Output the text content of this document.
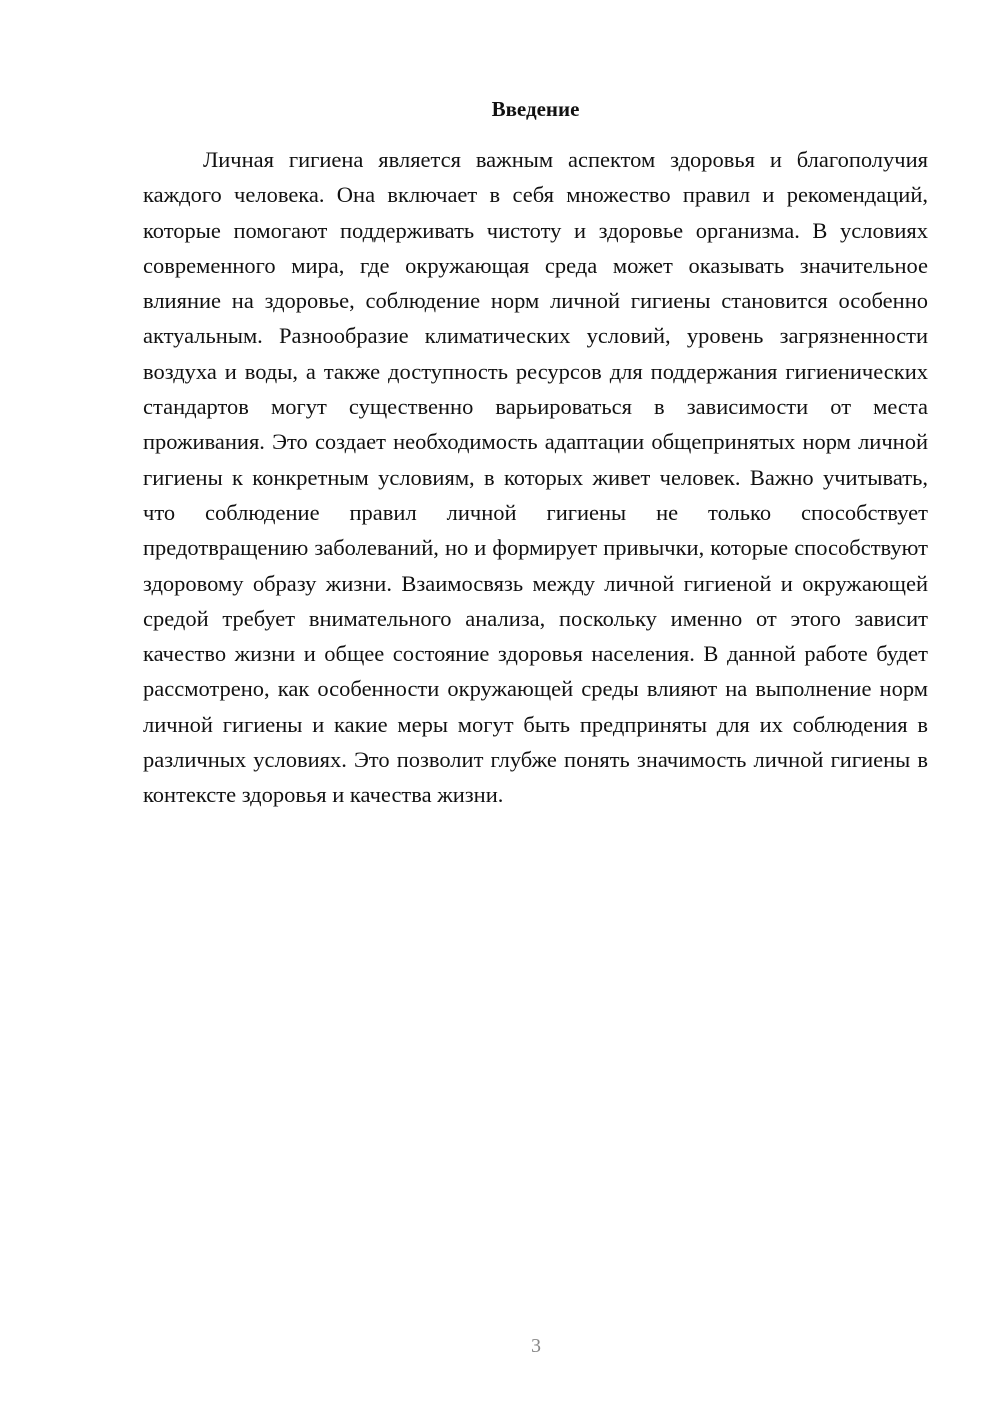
Введение

Личная гигиена является важным аспектом здоровья и благополучия каждого человека. Она включает в себя множество правил и рекомендаций, которые помогают поддерживать чистоту и здоровье организма. В условиях современного мира, где окружающая среда может оказывать значительное влияние на здоровье, соблюдение норм личной гигиены становится особенно актуальным. Разнообразие климатических условий, уровень загрязненности воздуха и воды, а также доступность ресурсов для поддержания гигиенических стандартов могут существенно варьироваться в зависимости от места проживания. Это создает необходимость адаптации общепринятых норм личной гигиены к конкретным условиям, в которых живет человек. Важно учитывать, что соблюдение правил личной гигиены не только способствует предотвращению заболеваний, но и формирует привычки, которые способствуют здоровому образу жизни. Взаимосвязь между личной гигиеной и окружающей средой требует внимательного анализа, поскольку именно от этого зависит качество жизни и общее состояние здоровья населения. В данной работе будет рассмотрено, как особенности окружающей среды влияют на выполнение норм личной гигиены и какие меры могут быть предприняты для их соблюдения в различных условиях. Это позволит глубже понять значимость личной гигиены в контексте здоровья и качества жизни.

3
